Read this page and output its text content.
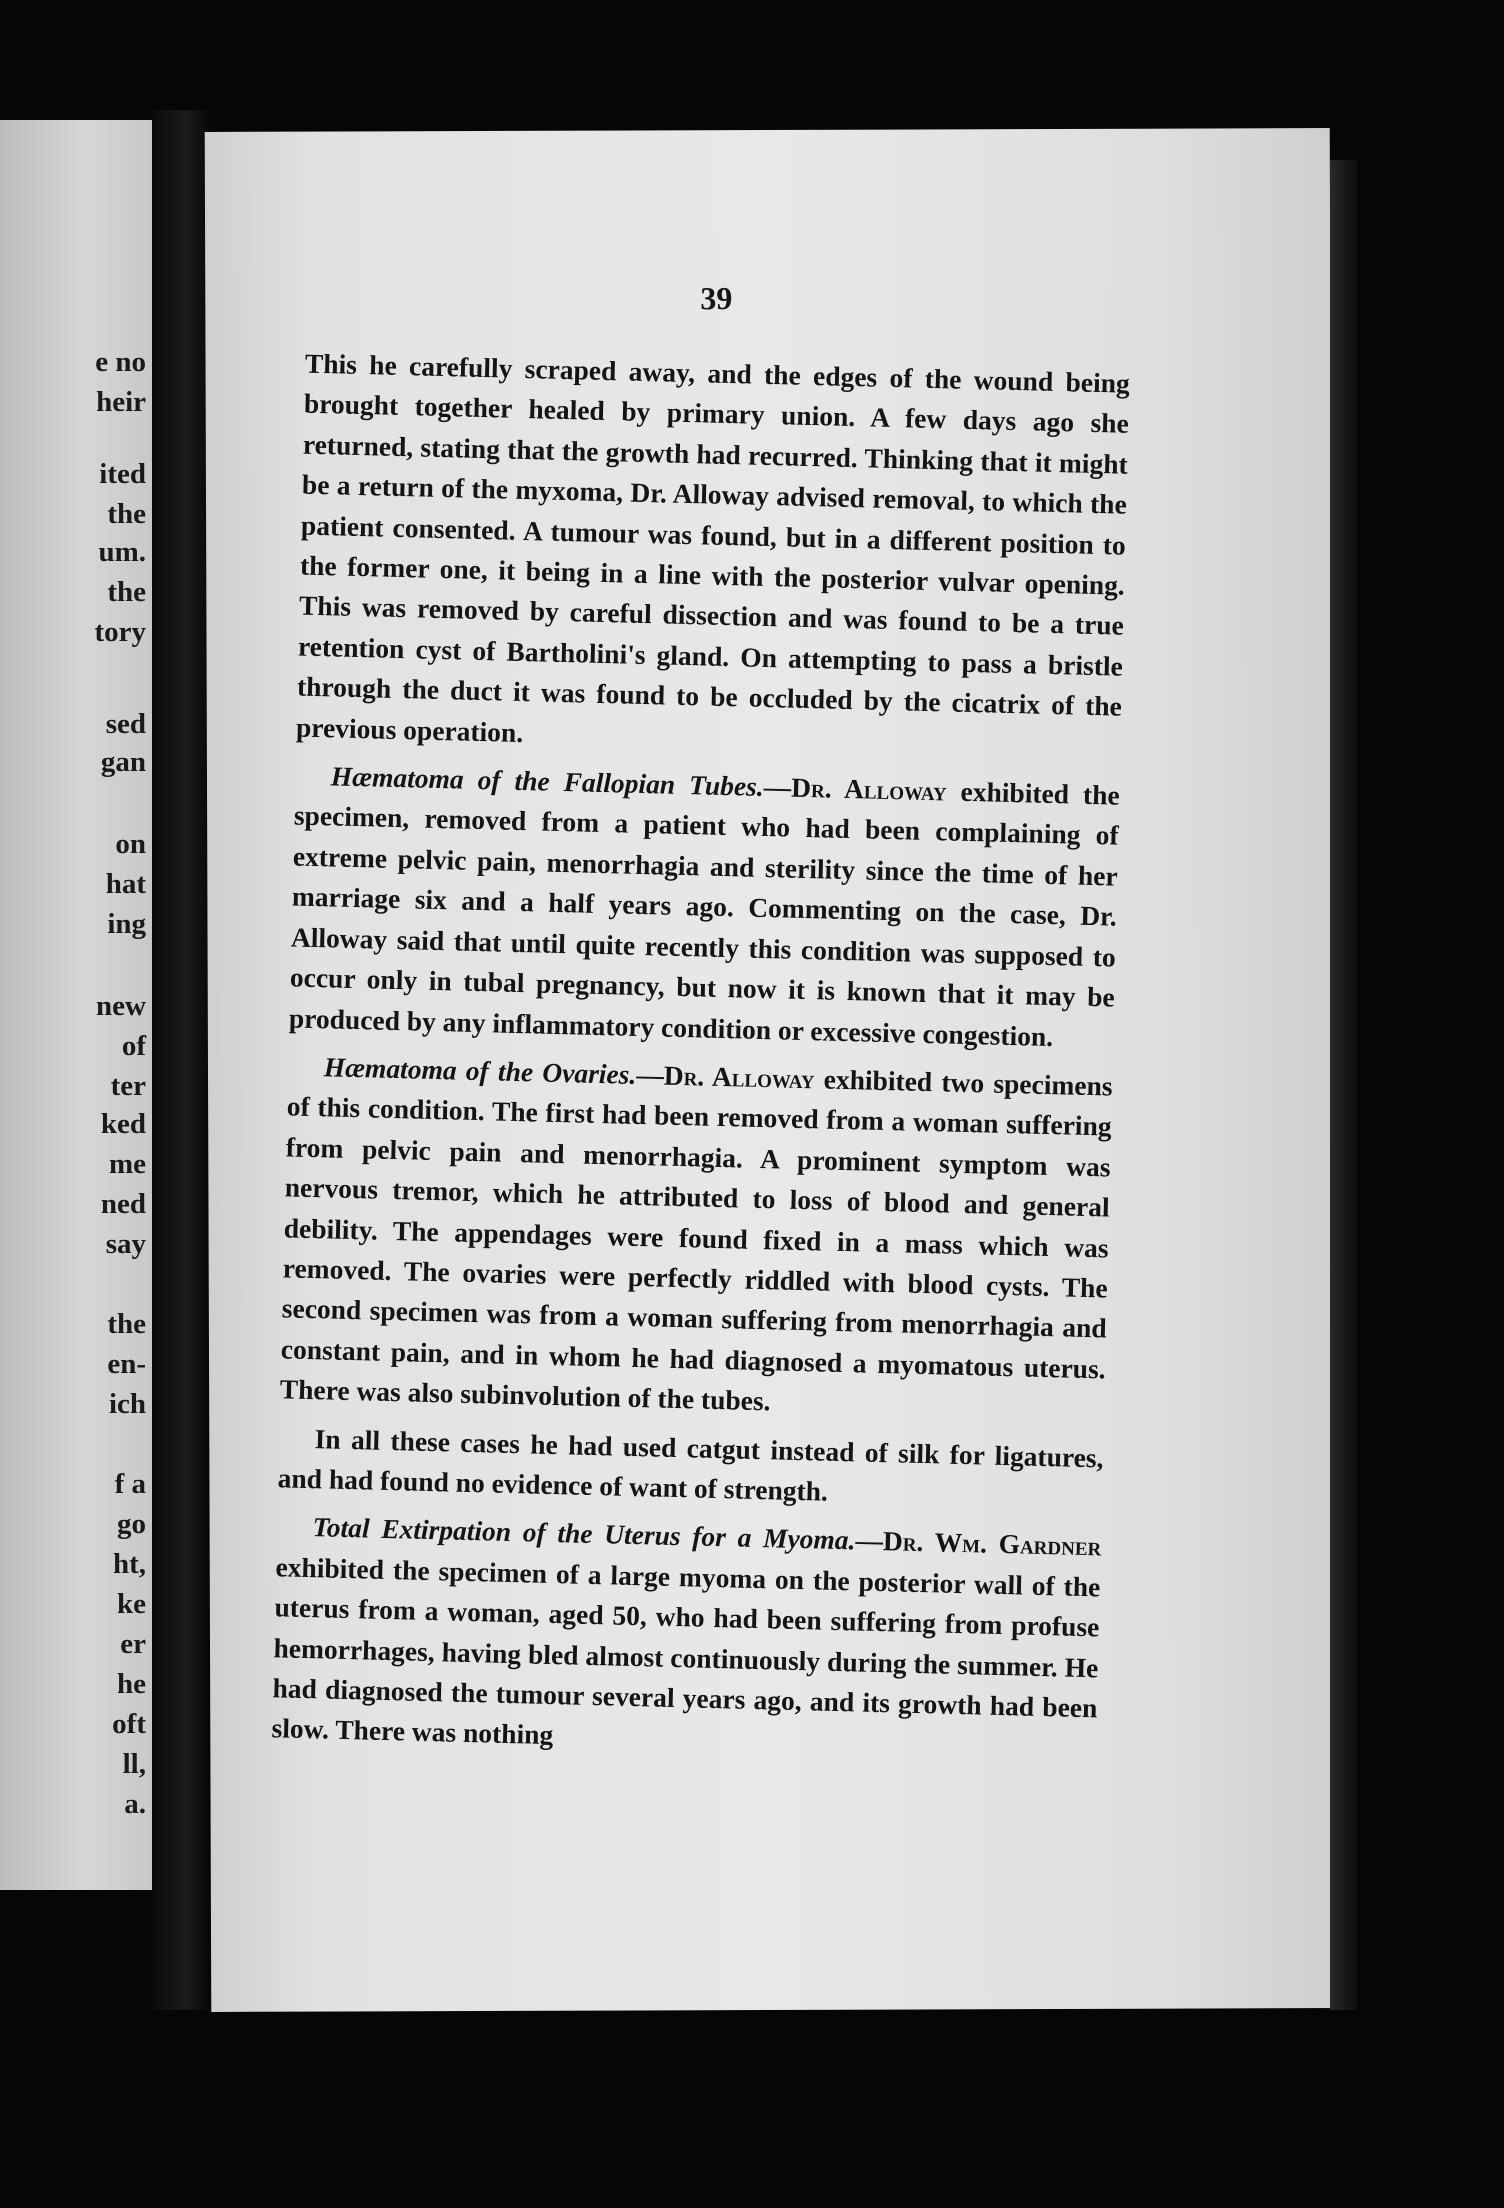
e no
heir
ited
the
um.
the
tory
sed
gan
on
hat
ing
new
of
ter
ked
me
ned
say
the
en-
ich
f a
go
ht,
ke
er
he
oft
ll,
a.
39

This he carefully scraped away, and the edges of the wound being brought together healed by primary union. A few days ago she returned, stating that the growth had recurred. Thinking that it might be a return of the myxoma, Dr. Alloway advised removal, to which the patient consented. A tumour was found, but in a different position to the former one, it being in a line with the posterior vulvar opening. This was removed by careful dissection and was found to be a true retention cyst of Bartholini's gland. On attempting to pass a bristle through the duct it was found to be occluded by the cicatrix of the previous operation.

Hæmatoma of the Fallopian Tubes.—Dr. Alloway exhibited the specimen, removed from a patient who had been complaining of extreme pelvic pain, menorrhagia and sterility since the time of her marriage six and a half years ago. Commenting on the case, Dr. Alloway said that until quite recently this condition was supposed to occur only in tubal pregnancy, but now it is known that it may be produced by any inflammatory condition or excessive congestion.

Hæmatoma of the Ovaries.—Dr. Alloway exhibited two specimens of this condition. The first had been removed from a woman suffering from pelvic pain and menorrhagia. A prominent symptom was nervous tremor, which he attributed to loss of blood and general debility. The appendages were found fixed in a mass which was removed. The ovaries were perfectly riddled with blood cysts. The second specimen was from a woman suffering from menorrhagia and constant pain, and in whom he had diagnosed a myomatous uterus. There was also subinvolution of the tubes.

In all these cases he had used catgut instead of silk for ligatures, and had found no evidence of want of strength.

Total Extirpation of the Uterus for a Myoma.—Dr. Wm. Gardner exhibited the specimen of a large myoma on the posterior wall of the uterus from a woman, aged 50, who had been suffering from profuse hemorrhages, having bled almost continuously during the summer. He had diagnosed the tumour several years ago, and its growth had been slow. There was nothing
